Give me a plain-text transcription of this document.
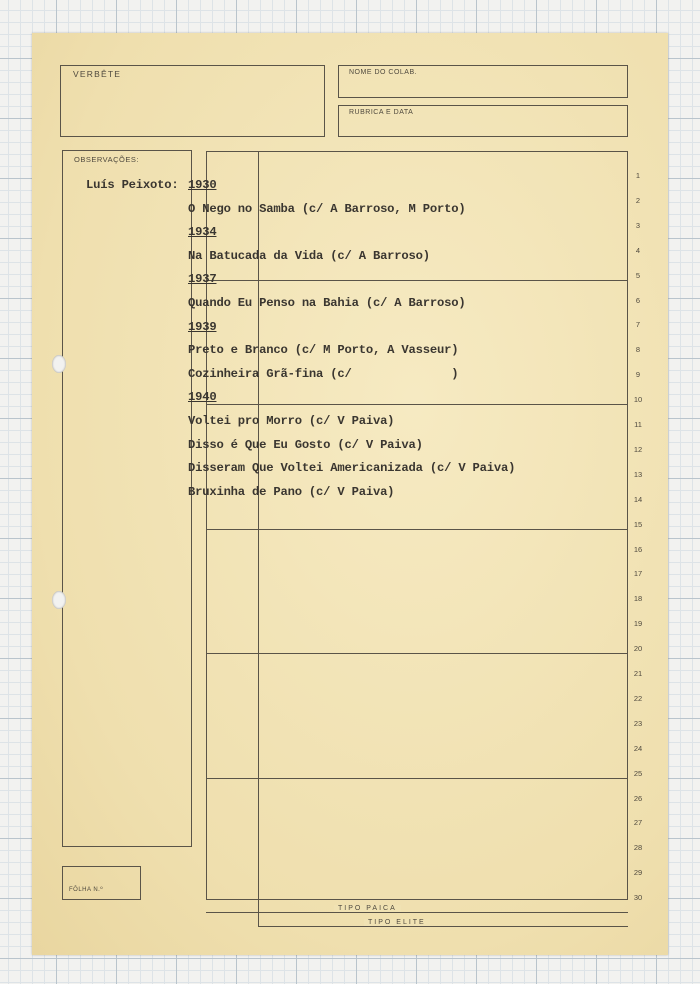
VERBÊTE	NOME DO COLAB.
RUBRICA E DATA
OBSERVAÇÕES:
FÔLHA N.º
TIPO PAICA
TIPO ELITE
1
2
3
4
5
6
7
8
9
10
11
12
13
14
15
16
17
18
19
20
21
22
23
24
25
26
27
28
29
30
Luís Peixoto: 1930
O Nego no Samba (c/ A Barroso, M Porto)
1934
Na Batucada da Vida (c/ A Barroso)
1937
Quando Eu Penso na Bahia (c/ A Barroso)
1939
Preto e Branco (c/ M Porto, A Vasseur)
Cozinheira Grã-fina (c/              )
1940
Voltei pro Morro (c/ V Paiva)
Disso é Que Eu Gosto (c/ V Paiva)
Disseram Que Voltei Americanizada (c/ V Paiva)
Bruxinha de Pano (c/ V Paiva)
